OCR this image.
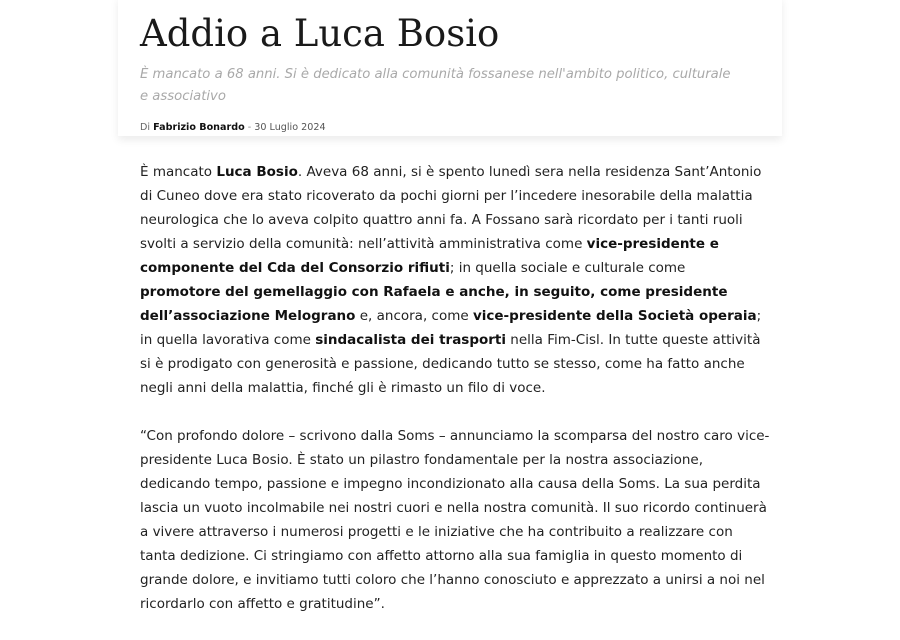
Addio a Luca Bosio

È mancato a 68 anni. Si è dedicato alla comunità fossanese nell'ambito politico, culturale e associativo

Di Fabrizio Bonardo - 30 Luglio 2024

È mancato Luca Bosio. Aveva 68 anni, si è spento lunedì sera nella residenza Sant’Antonio di Cuneo dove era stato ricoverato da pochi giorni per l’incedere inesorabile della malattia neurologica che lo aveva colpito quattro anni fa. A Fossano sarà ricordato per i tanti ruoli svolti a servizio della comunità: nell’attività amministrativa come vice-presidente e componente del Cda del Consorzio rifiuti; in quella sociale e culturale come promotore del gemellaggio con Rafaela e anche, in seguito, come presidente dell’associazione Melograno e, ancora, come vice-presidente della Società operaia; in quella lavorativa come sindacalista dei trasporti nella Fim-Cisl. In tutte queste attività si è prodigato con generosità e passione, dedicando tutto se stesso, come ha fatto anche negli anni della malattia, finché gli è rimasto un filo di voce.

“Con profondo dolore – scrivono dalla Soms – annunciamo la scomparsa del nostro caro vice-presidente Luca Bosio. È stato un pilastro fondamentale per la nostra associazione, dedicando tempo, passione e impegno incondizionato alla causa della Soms. La sua perdita lascia un vuoto incolmabile nei nostri cuori e nella nostra comunità. Il suo ricordo continuerà a vivere attraverso i numerosi progetti e le iniziative che ha contribuito a realizzare con tanta dedizione. Ci stringiamo con affetto attorno alla sua famiglia in questo momento di grande dolore, e invitiamo tutti coloro che l’hanno conosciuto e apprezzato a unirsi a noi nel ricordarlo con affetto e gratitudine”.
